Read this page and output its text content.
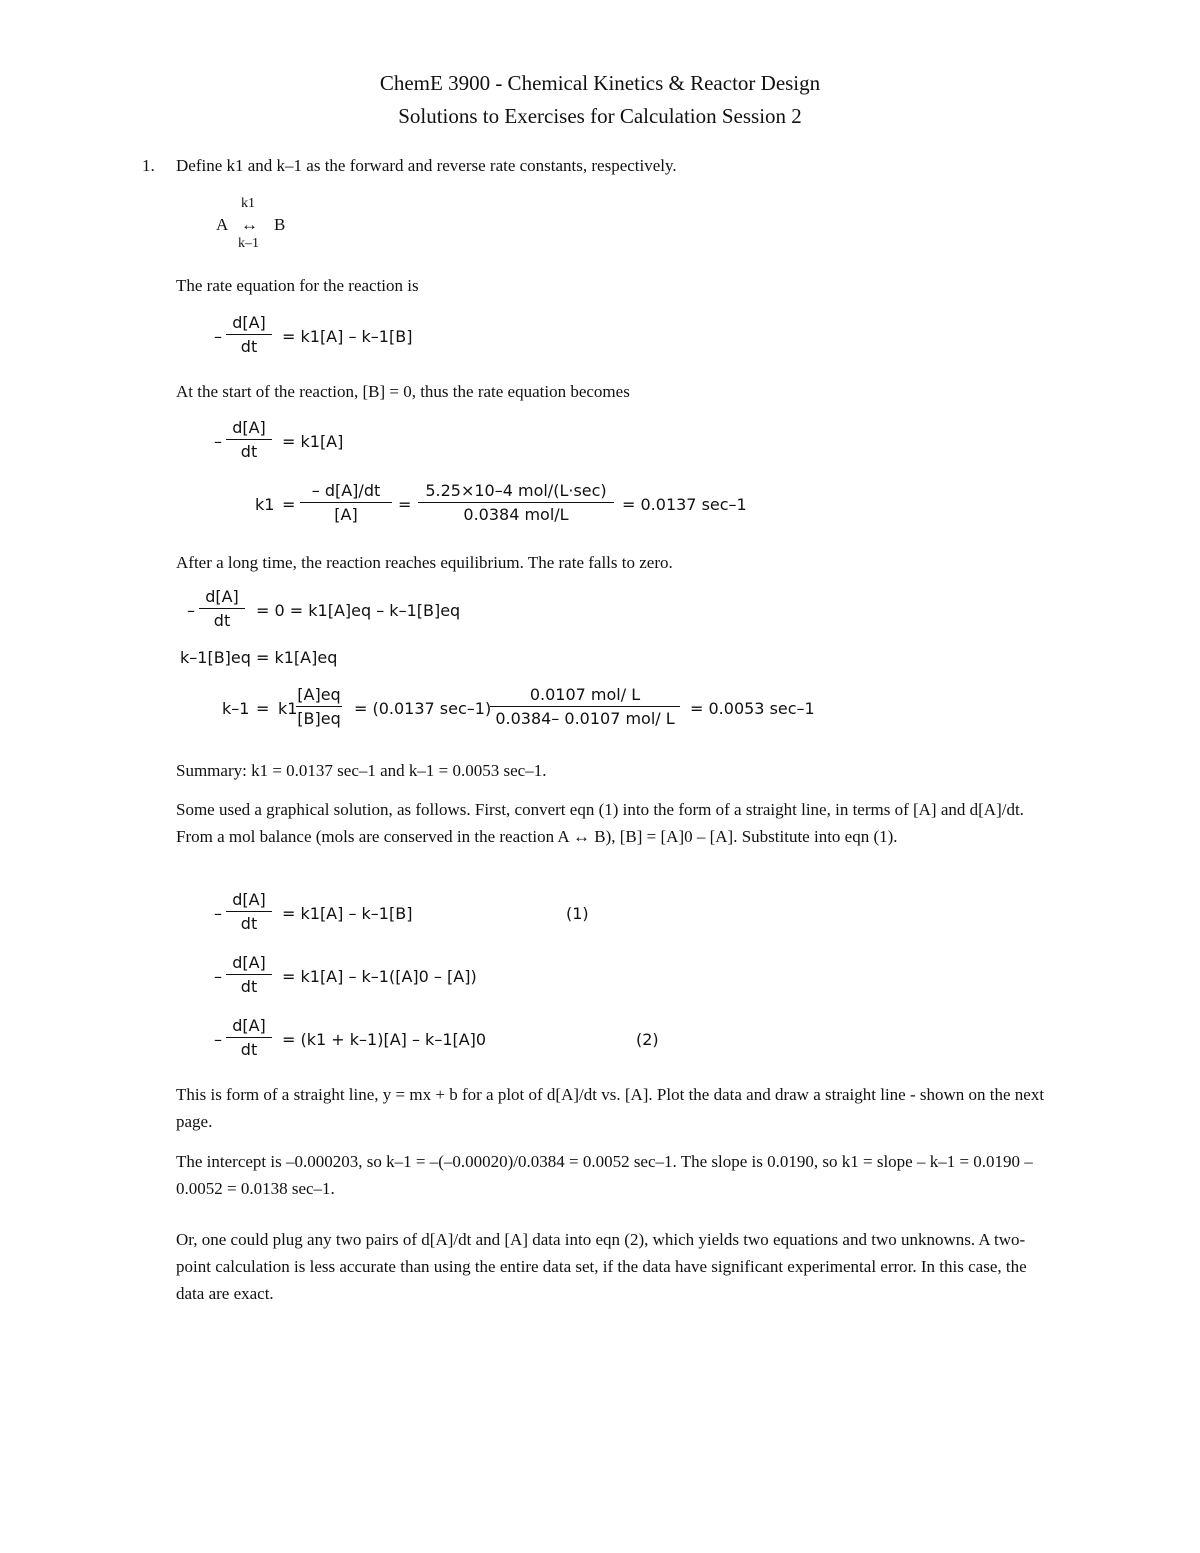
ChemE 3900 - Chemical Kinetics & Reactor Design
Solutions to Exercises for Calculation Session 2
1. Define k1 and k–1 as the forward and reverse rate constants, respectively.
k1
A ↔ B
k–1
The rate equation for the reaction is
–
d[A]
dt
= k1[A] – k–1[B]
At the start of the reaction, [B] = 0, thus the rate equation becomes
–
d[A]
dt
= k1[A]
k1 =
– d[A]/dt
[A]
=
5.25×10–4 mol/(L·sec)
0.0384 mol/L
= 0.0137 sec–1
After a long time, the reaction reaches equilibrium. The rate falls to zero.
–
d[A]
dt
= 0 = k1[A]eq – k–1[B]eq
k–1[B]eq = k1[A]eq
k–1 = k1
[A]eq
[B]eq
= (0.0137 sec–1)
0.0107 mol/ L
0.0384– 0.0107 mol/ L
= 0.0053 sec–1
Summary: k1 = 0.0137 sec–1 and k–1 = 0.0053 sec–1.
Some used a graphical solution, as follows. First, convert eqn (1) into the form of a straight line, in terms of [A] and d[A]/dt. From a mol balance (mols are conserved in the reaction A ↔ B), [B] = [A]0 – [A]. Substitute into eqn (1).
–
d[A]
dt
= k1[A] – k–1[B]	(1)
–
d[A]
dt
= k1[A] – k–1([A]0 – [A])
–
d[A]
dt
= (k1 + k–1)[A] – k–1[A]0	(2)
This is form of a straight line, y = mx + b for a plot of d[A]/dt vs. [A]. Plot the data and draw a straight line - shown on the next page.
The intercept is –0.000203, so k–1 = –(–0.00020)/0.0384 = 0.0052 sec–1. The slope is 0.0190, so k1 = slope – k–1 = 0.0190 – 0.0052 = 0.0138 sec–1.
Or, one could plug any two pairs of d[A]/dt and [A] data into eqn (2), which yields two equations and two unknowns. A two-point calculation is less accurate than using the entire data set, if the data have significant experimental error. In this case, the data are exact.
